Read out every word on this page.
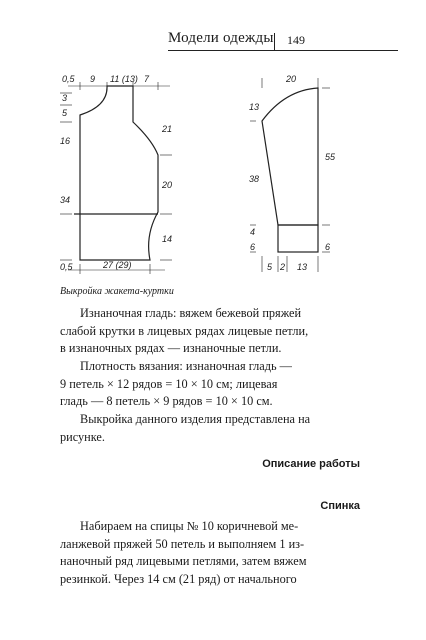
Модели одежды 149
0,5 9 11 (13) 7
3
5
16
34
0,5
21
20
14
27 (29)
20
13
38
4
6
55
6
5 2 13
Выкройка жакета-куртки
Изнаночная гладь: вяжем бежевой пряжей
слабой крутки в лицевых рядах лицевые петли,
в изнаночных рядах — изнаночные петли.
Плотность вязания: изнаночная гладь —
9 петель × 12 рядов = 10 × 10 см; лицевая
гладь — 8 петель × 9 рядов = 10 × 10 см.
Выкройка данного изделия представлена на
рисунке.
Описание работы
Спинка
Набираем на спицы № 10 коричневой ме-
ланжевой пряжей 50 петель и выполняем 1 из-
наночный ряд лицевыми петлями, затем вяжем
резинкой. Через 14 см (21 ряд) от начального
